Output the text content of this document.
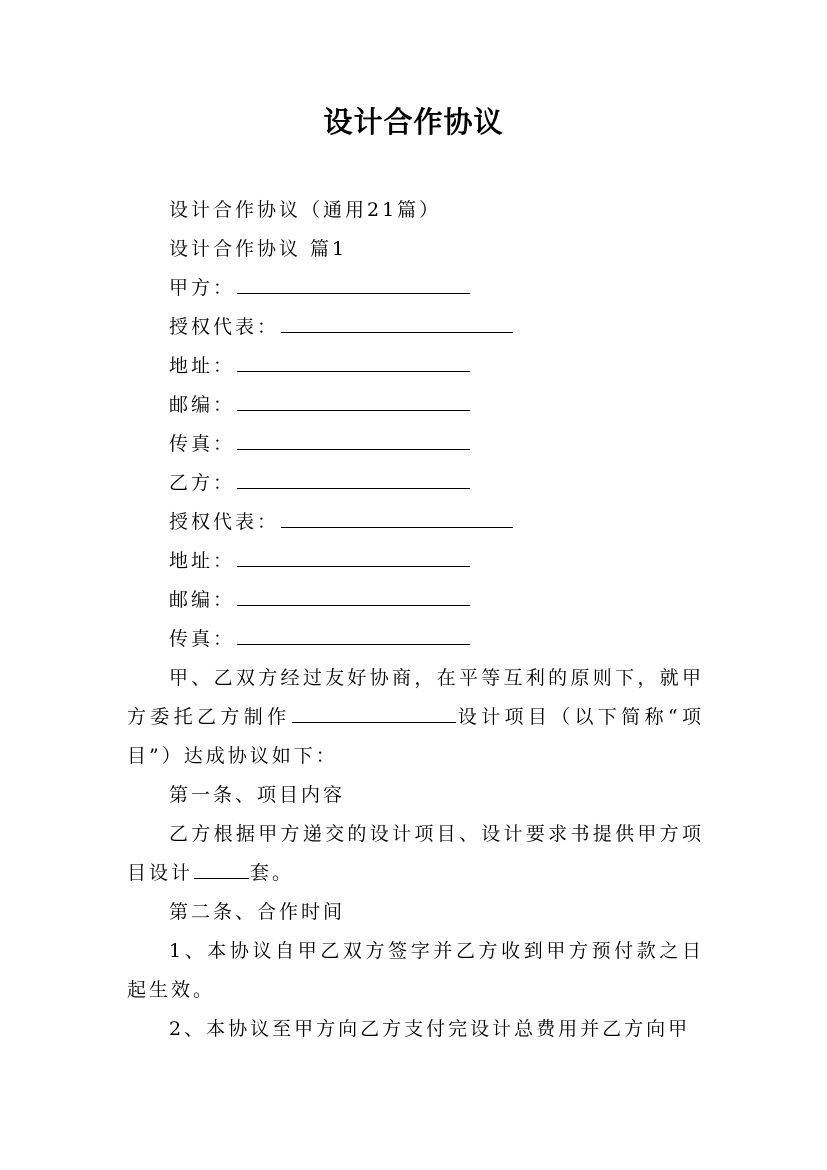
设计合作协议
设计合作协议（通用21篇）
设计合作协议 篇1
甲方：
授权代表：
地址：
邮编：
传真：
乙方：
授权代表：
地址：
邮编：
传真：
甲、乙双方经过友好协商，在平等互利的原则下，就甲方委托乙方制作	设计项目（以下简称“项目”）达成协议如下：
第一条、项目内容
乙方根据甲方递交的设计项目、设计要求书提供甲方项目设计	套。
第二条、合作时间
1、本协议自甲乙双方签字并乙方收到甲方预付款之日起生效。
2、本协议至甲方向乙方支付完设计总费用并乙方向甲
